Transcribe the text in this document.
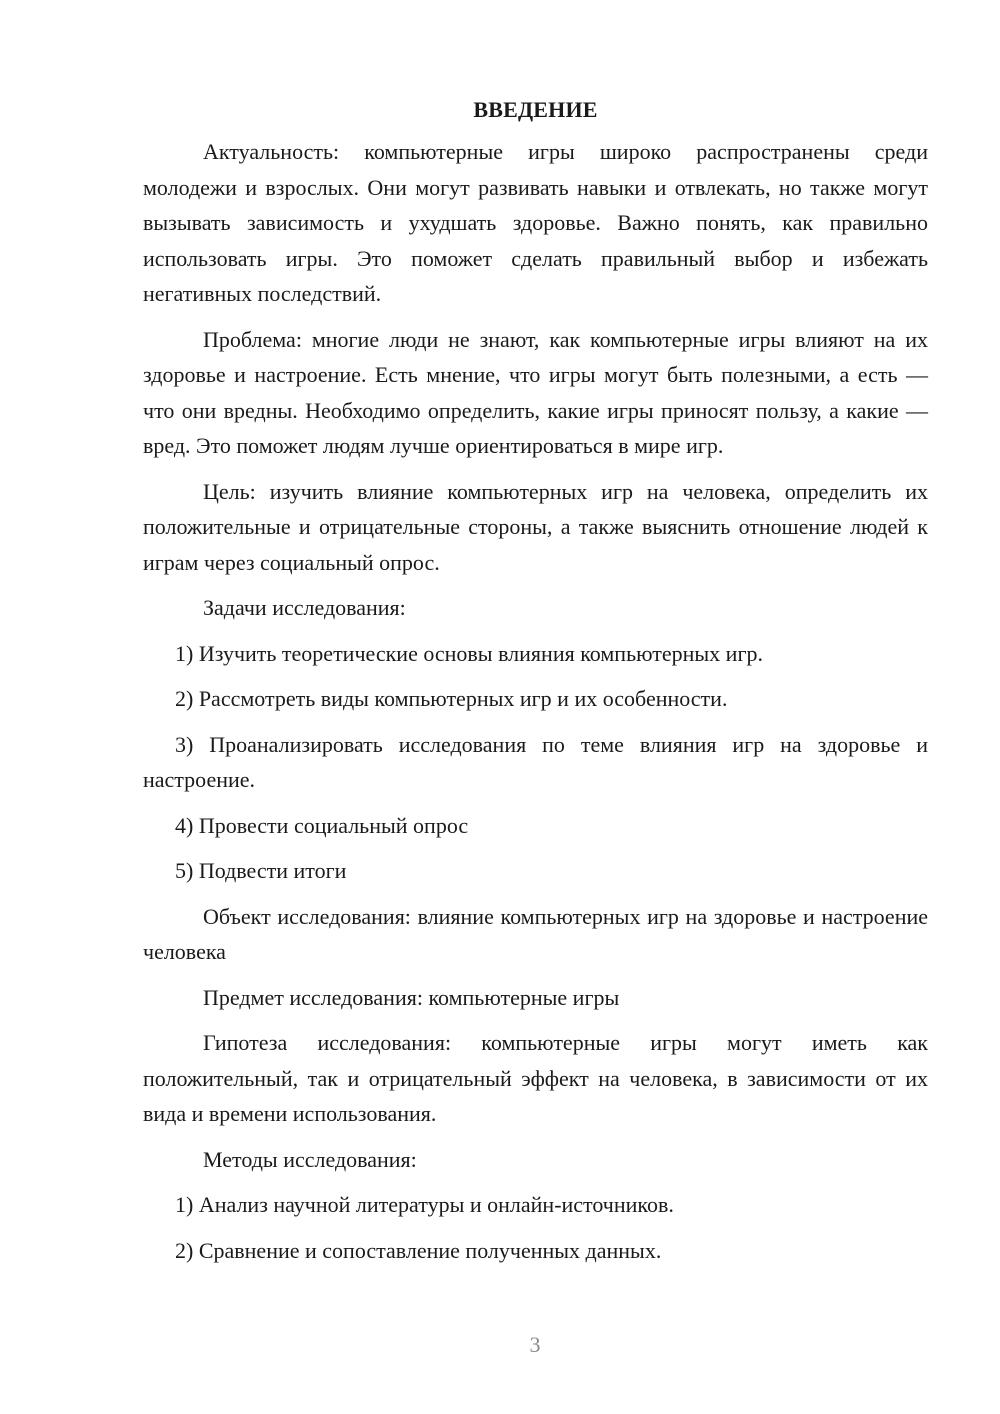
ВВЕДЕНИЕ

Актуальность: компьютерные игры широко распространены среди молодежи и взрослых. Они могут развивать навыки и отвлекать, но также могут вызывать зависимость и ухудшать здоровье. Важно понять, как правильно использовать игры. Это поможет сделать правильный выбор и избежать негативных последствий.

Проблема: многие люди не знают, как компьютерные игры влияют на их здоровье и настроение. Есть мнение, что игры могут быть полезными, а есть — что они вредны. Необходимо определить, какие игры приносят пользу, а какие — вред. Это поможет людям лучше ориентироваться в мире игр.

Цель: изучить влияние компьютерных игр на человека, определить их положительные и отрицательные стороны, а также выяснить отношение людей к играм через социальный опрос.

Задачи исследования:

1) Изучить теоретические основы влияния компьютерных игр.

2) Рассмотреть виды компьютерных игр и их особенности.

3) Проанализировать исследования по теме влияния игр на здоровье и настроение.

4) Провести социальный опрос

5) Подвести итоги

Объект исследования: влияние компьютерных игр на здоровье и настроение человека

Предмет исследования: компьютерные игры

Гипотеза исследования: компьютерные игры могут иметь как положительный, так и отрицательный эффект на человека, в зависимости от их вида и времени использования.

Методы исследования:

1) Анализ научной литературы и онлайн-источников.

2) Сравнение и сопоставление полученных данных.

3
